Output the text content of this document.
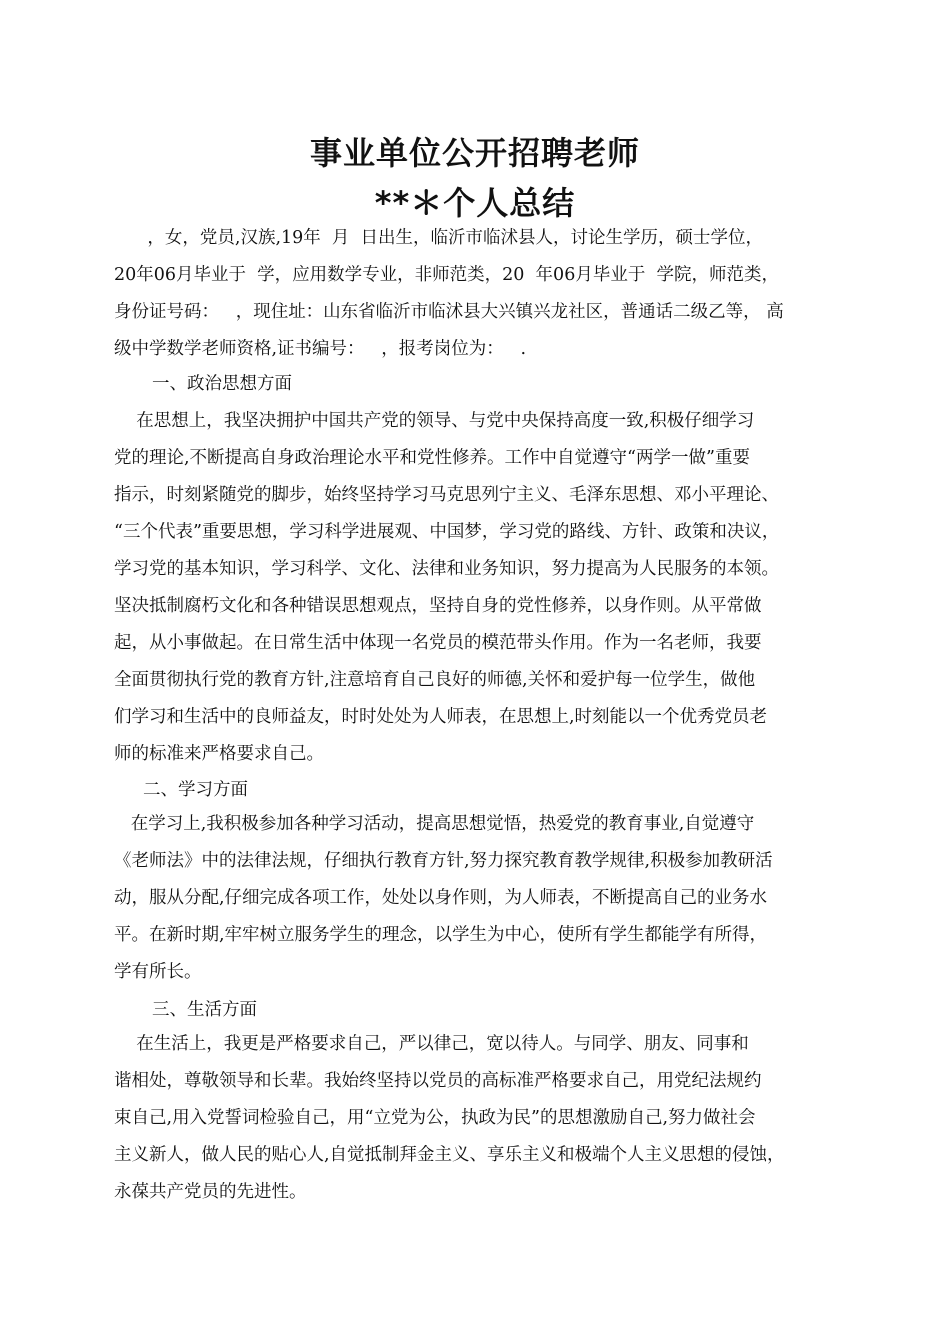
事业单位公开招聘老师
**＊个人总结
，女，党员,汉族,19年  月  日出生，临沂市临沭县人，讨论生学历，硕士学位，
20年06月毕业于  学，应用数学专业，非师范类，20  年06月毕业于  学院，师范类，
身份证号码：   ，现住址：山东省临沂市临沭县大兴镇兴龙社区，普通话二级乙等， 高
级中学数学老师资格,证书编号：   ，报考岗位为：   .
一、政治思想方面
在思想上，我坚决拥护中国共产党的领导、与党中央保持高度一致,积极仔细学习
党的理论,不断提高自身政治理论水平和党性修养。工作中自觉遵守“两学一做”重要
指示，时刻紧随党的脚步，始终坚持学习马克思列宁主义、毛泽东思想、邓小平理论、
“三个代表”重要思想，学习科学进展观、中国梦，学习党的路线、方针、政策和决议，
学习党的基本知识，学习科学、文化、法律和业务知识，努力提高为人民服务的本领。
坚决抵制腐朽文化和各种错误思想观点，坚持自身的党性修养，以身作则。从平常做
起，从小事做起。在日常生活中体现一名党员的模范带头作用。作为一名老师，我要
全面贯彻执行党的教育方针,注意培育自己良好的师德,关怀和爱护每一位学生，做他
们学习和生活中的良师益友，时时处处为人师表，在思想上,时刻能以一个优秀党员老
师的标准来严格要求自己。
二、学习方面
在学习上,我积极参加各种学习活动，提高思想觉悟，热爱党的教育事业,自觉遵守
《老师法》中的法律法规，仔细执行教育方针,努力探究教育教学规律,积极参加教研活
动，服从分配,仔细完成各项工作，处处以身作则，为人师表，不断提高自己的业务水
平。在新时期,牢牢树立服务学生的理念，以学生为中心，使所有学生都能学有所得，
学有所长。
三、生活方面
在生活上，我更是严格要求自己，严以律己，宽以待人。与同学、朋友、同事和
谐相处，尊敬领导和长辈。我始终坚持以党员的高标准严格要求自己，用党纪法规约
束自己,用入党誓词检验自己，用“立党为公，执政为民”的思想激励自己,努力做社会
主义新人，做人民的贴心人,自觉抵制拜金主义、享乐主义和极端个人主义思想的侵蚀，
永葆共产党员的先进性。
